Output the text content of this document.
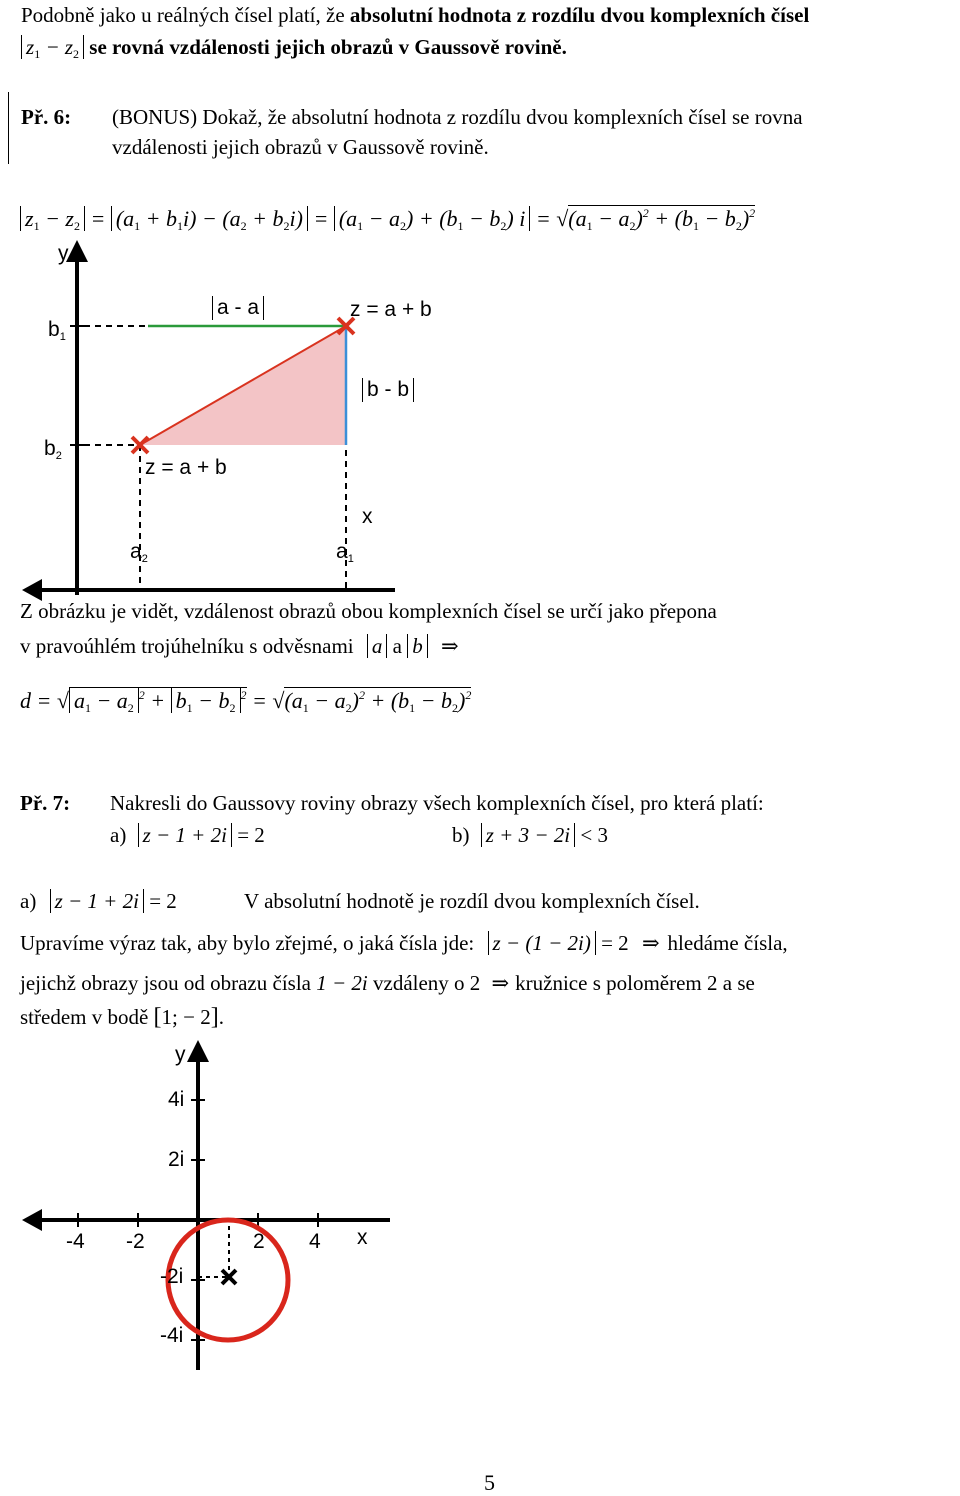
Podobně jako u reálných čísel platí, že absolutní hodnota z rozdílu dvou komplexních čísel
$z_1 - z_2$ se rovná vzdálenosti jejich obrazů v Gaussově rovině.
Př. 6: (BONUS) Dokaž, že absolutní hodnota z rozdílu dvou komplexních čísel se rovna
vzdálenosti jejich obrazů v Gaussově rovině.
$z_1 - z_2 = (a_1 + b_1i) - (a_2 + b_2i) = (a_1 - a_2) + (b_1 - b_2) i = √(a_1 - a_2)^2 + (b_1 - b_2)^2$
y
$b_1$
$b_2$
$a_2$	$a_1$
x
a - a
b - b
z = a + b
z = a + b
Z obrázku je vidět, vzdálenost obrazů obou komplexních čísel se určí jako přepona
v pravoúhlém trojúhelníku s odvěsnami a a b ⇒
d = √ $a_1 - a_2^2 + b_1 - b_2^2 = √(a_1 - a_2)^2 + (b_1 - b_2)^2$
Př. 7: Nakresli do Gaussovy roviny obrazy všech komplexních čísel, pro která platí:
a) z − 1 + 2i = 2	b) z + 3 − 2i < 3
a) z − 1 + 2i = 2	V absolutní hodnotě je rozdíl dvou komplexních čísel.
Upravíme výraz tak, aby bylo zřejmé, o jaká čísla jde: z − (1 − 2i) = 2 ⇒ hledáme čísla,
jejichž obrazy jsou od obrazu čísla 1 − 2i vzdáleny o 2 ⇒ kružnice s poloměrem 2 a se
středem v bodě [1; − 2].
y
4i
2i
-2i
-4i
-4 -2	2 4 x
5
